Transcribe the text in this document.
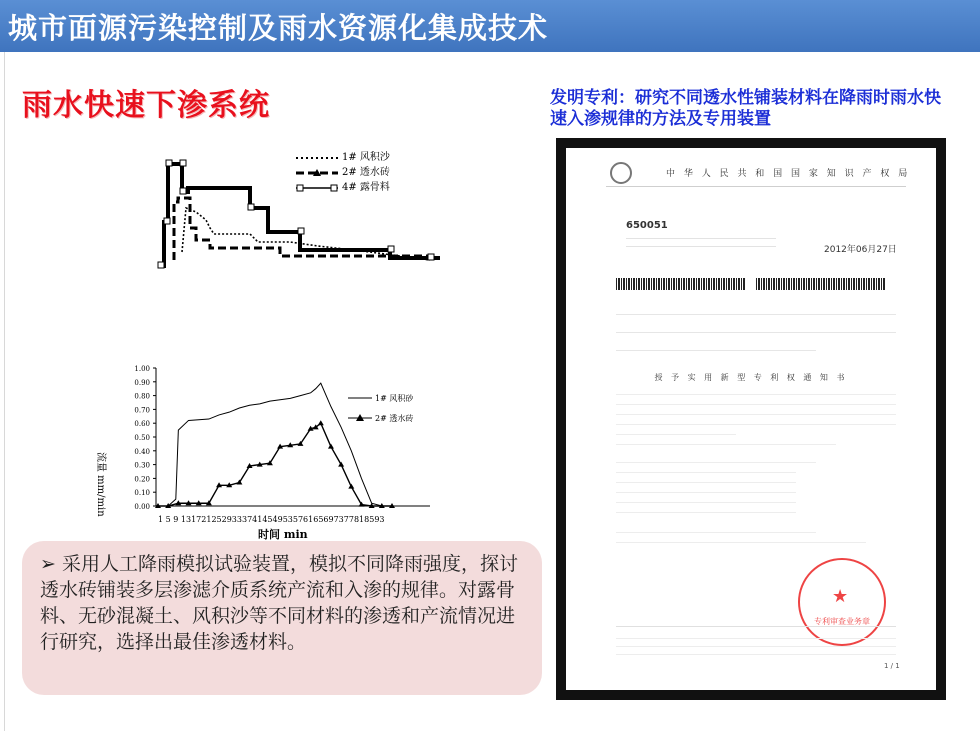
城市面源污染控制及雨水资源化集成技术
雨水快速下渗系统	发明专利：研究不同透水性铺装材料在降雨时雨水快速入渗规律的方法及专用装置
1# 风积沙
2# 透水砖
4# 露骨料
1.00
0.90
0.80
0.70
0.60
0.50
0.40
0.30
0.20
0.10
0.00
流量 mm/min
1 5 9 1317212529333741454953576165697377818593
1# 风积砂
2# 透水砖
时间 min
➢ 采用人工降雨模拟试验装置，模拟不同降雨强度，探讨透水砖铺装多层渗滤介质系统产流和入渗的规律。对露骨料、无砂混凝土、风积沙等不同材料的渗透和产流情况进行研究，选择出最佳渗透材料。
中 华 人 民 共 和 国 国 家 知 识 产 权 局
650051
2012年06月27日
授 予 实 用 新 型 专 利 权 通 知 书
★
专利审查业务章
1 / 1
